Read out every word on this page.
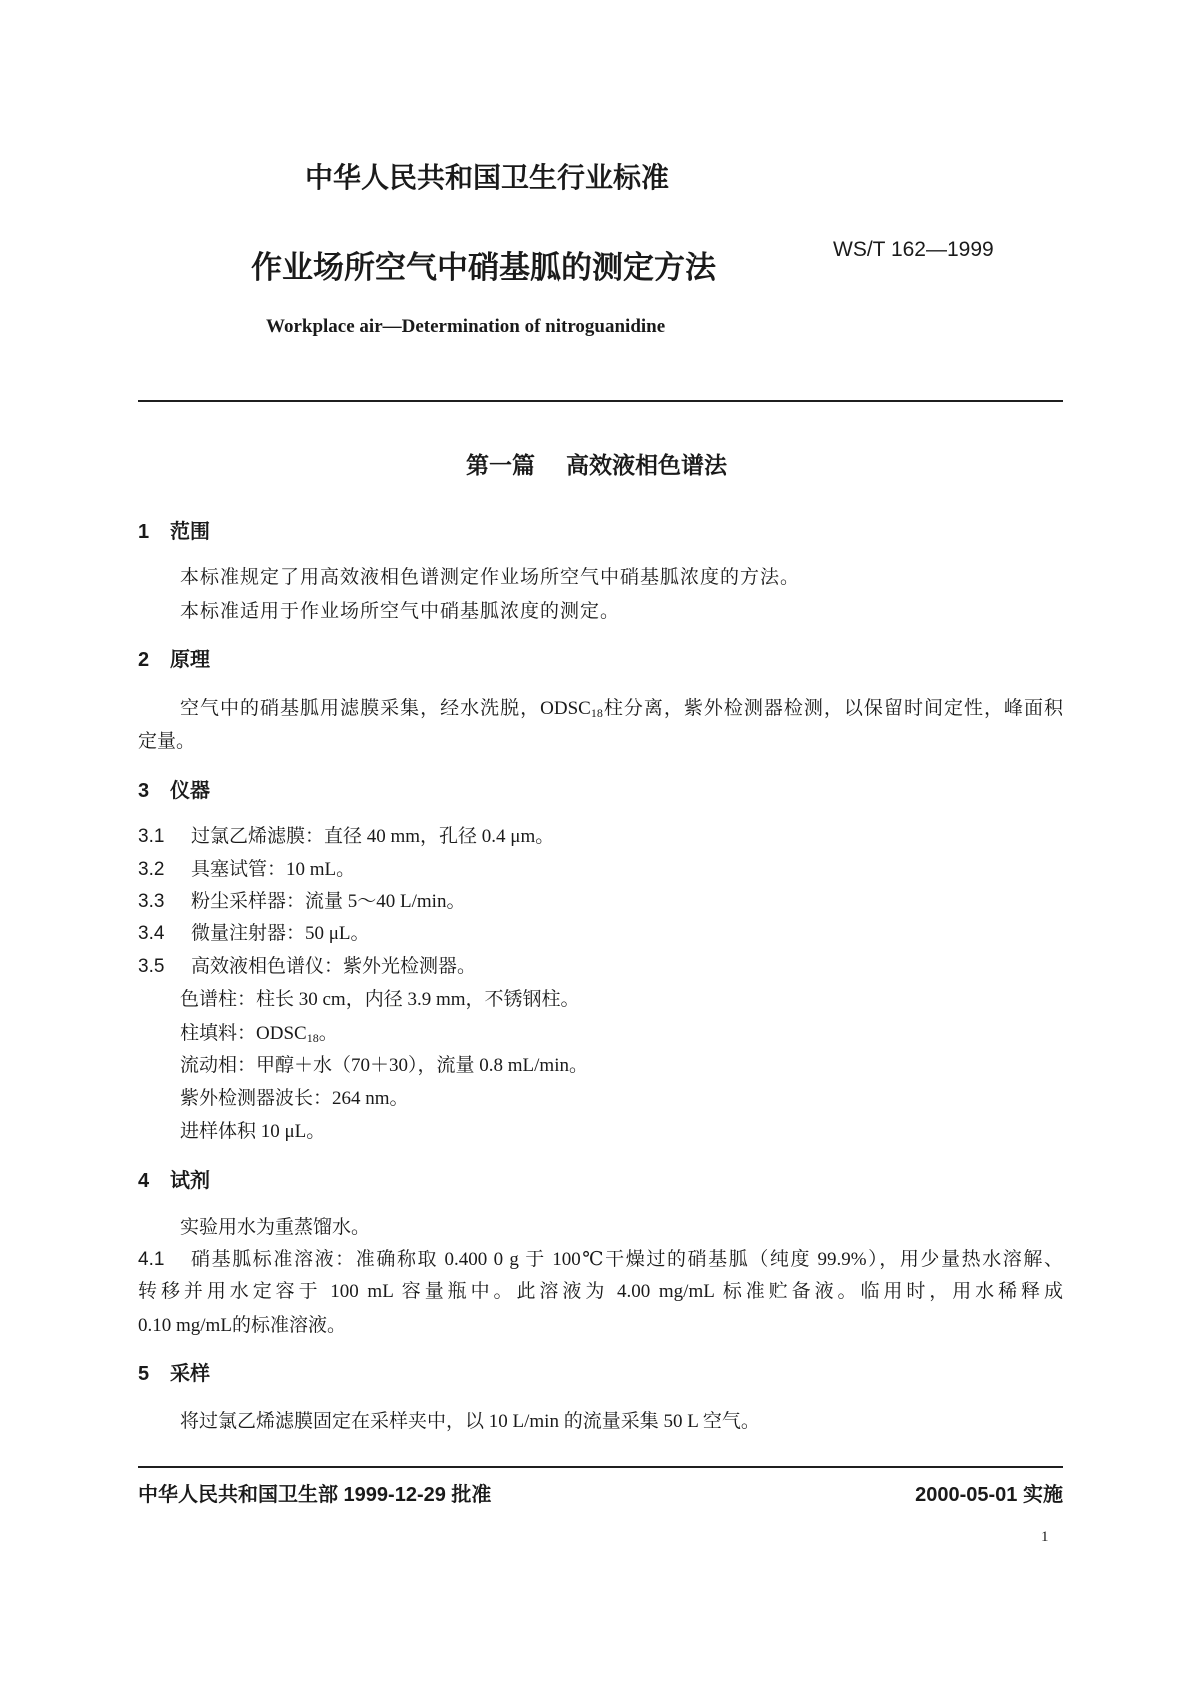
中华人民共和国卫生行业标准
作业场所空气中硝基胍的测定方法
WS/T 162—1999
Workplace air—Determination of nitroguanidine
第一篇 高效液相色谱法
1 范围
本标准规定了用高效液相色谱测定作业场所空气中硝基胍浓度的方法。
本标准适用于作业场所空气中硝基胍浓度的测定。
2 原理
空气中的硝基胍用滤膜采集，经水洗脱，$ODSC_{18}$柱分离，紫外检测器检测，以保留时间定性，峰面积
定量。
3 仪器
3.1 过氯乙烯滤膜：直径 40 mm，孔径 0.4 μm。
3.2 具塞试管：10 mL。
3.3 粉尘采样器：流量 5～40 L/min。
3.4 微量注射器：50 μL。
3.5 高效液相色谱仪：紫外光检测器。
色谱柱：柱长 30 cm，内径 3.9 mm，不锈钢柱。
柱填料：$ODSC_{18}$。
流动相：甲醇＋水（70＋30），流量 0.8 mL/min。
紫外检测器波长：264 nm。
进样体积 10 μL。
4 试剂
实验用水为重蒸馏水。
4.1 硝基胍标准溶液：准确称取 0.400 0 g 于 100℃干燥过的硝基胍（纯度 99.9%），用少量热水溶解、
转移并用水定容于 100 mL 容量瓶中。此溶液为 4.00 mg/mL 标准贮备液。临用时，用水稀释成
0.10 mg/mL的标准溶液。
5 采样
将过氯乙烯滤膜固定在采样夹中，以 10 L/min 的流量采集 50 L 空气。
中华人民共和国卫生部 1999-12-29 批准	2000-05-01 实施
1
